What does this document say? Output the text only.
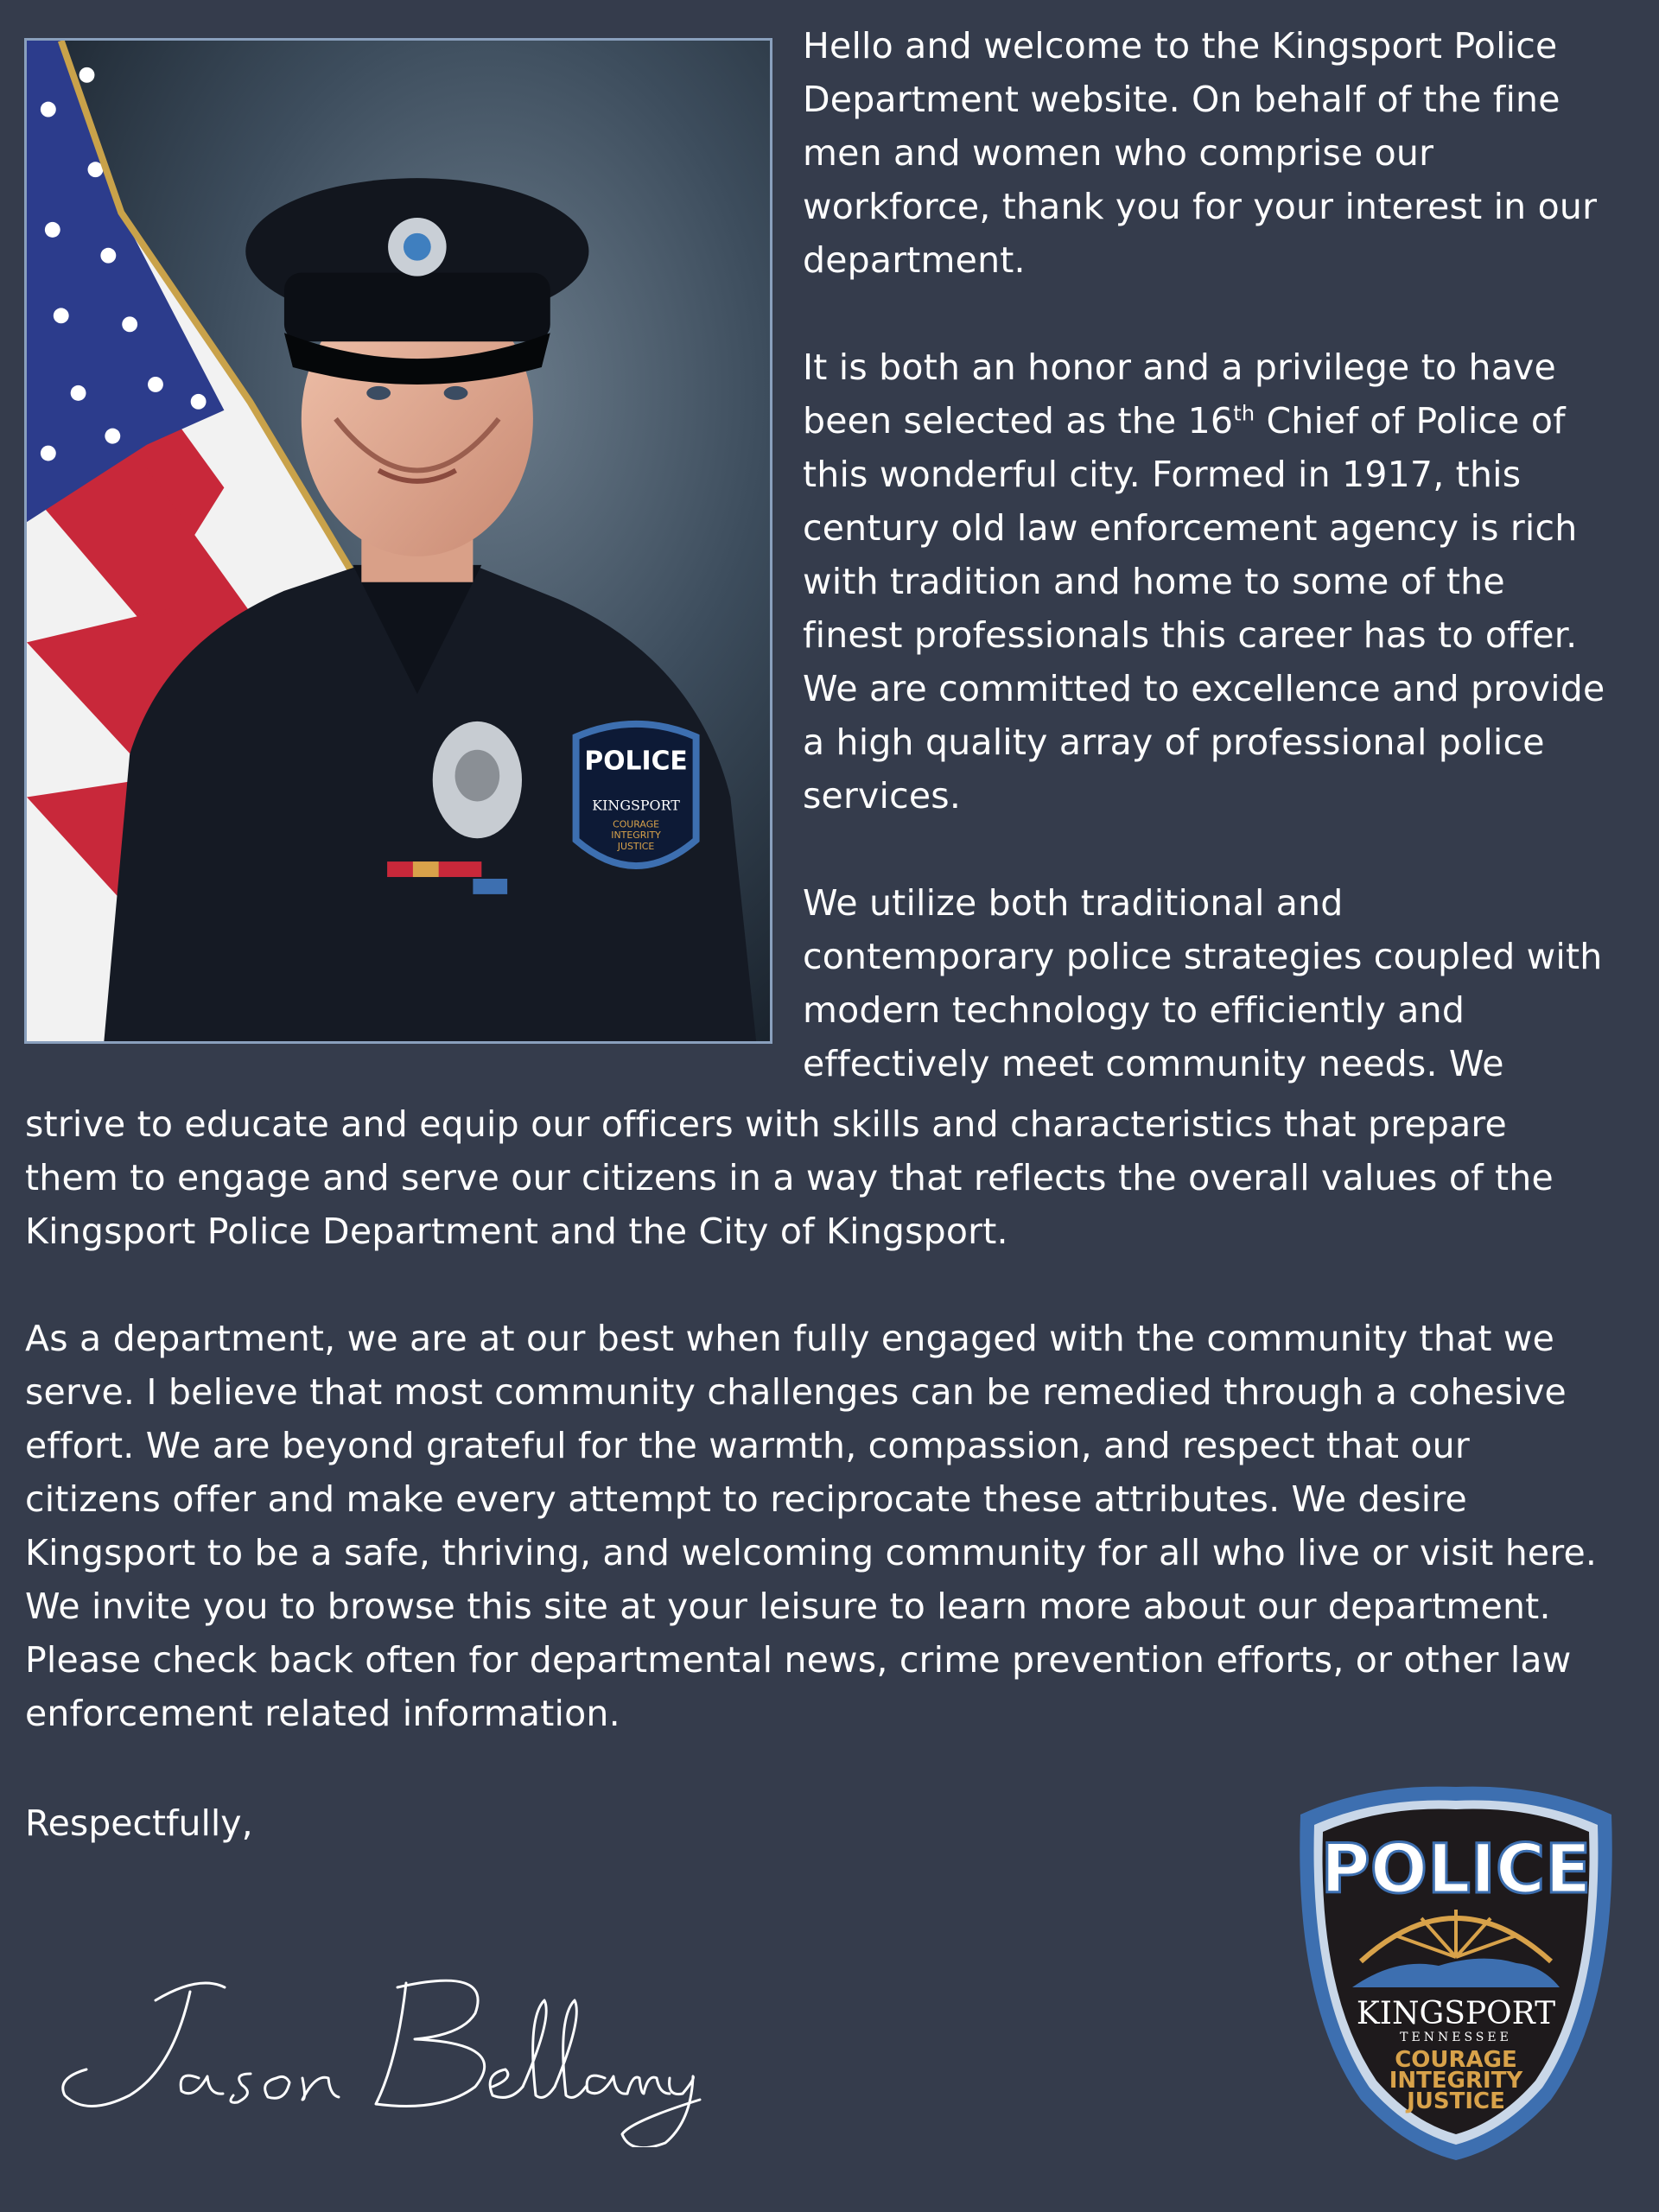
POLICE
KINGSPORT
COURAGE
INTEGRITY
JUSTICE
Hello and welcome to the Kingsport Police
Department website. On behalf of the fine
men and women who comprise our
workforce, thank you for your interest in our
department.
It is both an honor and a privilege to have
been selected as the 16th Chief of Police of
this wonderful city. Formed in 1917, this
century old law enforcement agency is rich
with tradition and home to some of the
finest professionals this career has to offer.
We are committed to excellence and provide
a high quality array of professional police
services.
We utilize both traditional and
contemporary police strategies coupled with
modern technology to efficiently and
effectively meet community needs. We
strive to educate and equip our officers with skills and characteristics that prepare
them to engage and serve our citizens in a way that reflects the overall values of the
Kingsport Police Department and the City of Kingsport.
As a department, we are at our best when fully engaged with the community that we
serve. I believe that most community challenges can be remedied through a cohesive
effort. We are beyond grateful for the warmth, compassion, and respect that our
citizens offer and make every attempt to reciprocate these attributes. We desire
Kingsport to be a safe, thriving, and welcoming community for all who live or visit here.
We invite you to browse this site at your leisure to learn more about our department.
Please check back often for departmental news, crime prevention efforts, or other law
enforcement related information.
Respectfully,
POLICE
KINGSPORT
TENNESSEE
COURAGE
INTEGRITY
JUSTICE
